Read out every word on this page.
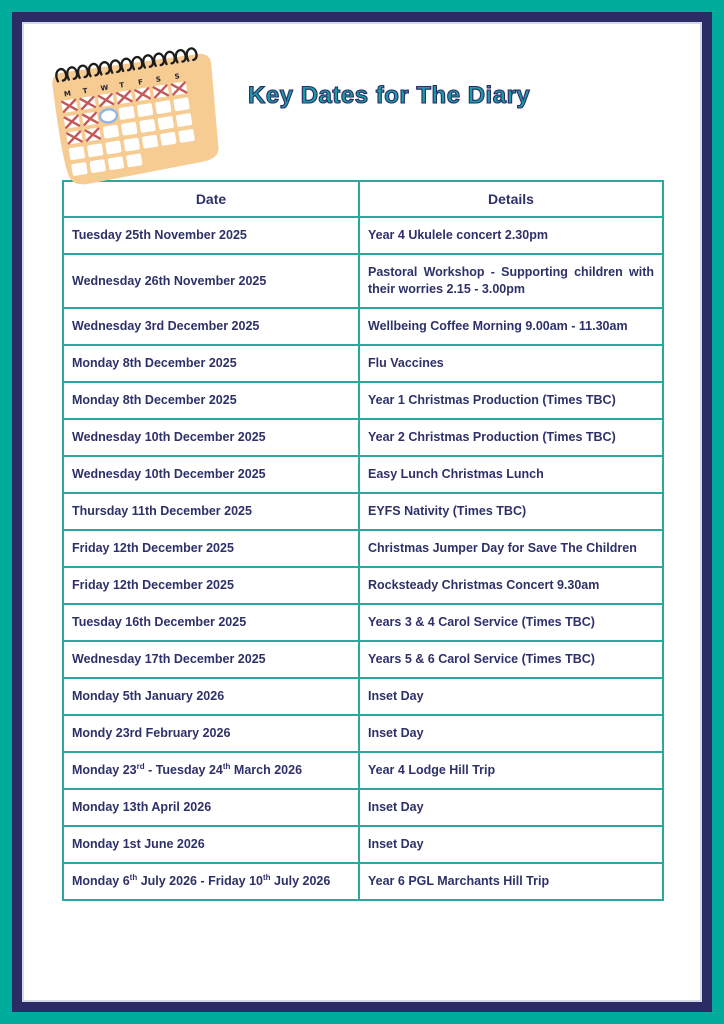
M T W T F S S
Key Dates for The Diary
Date	Details
Tuesday 25th November 2025	Year 4 Ukulele concert 2.30pm
Wednesday 26th November 2025	Pastoral Workshop - Supporting children with their worries 2.15 - 3.00pm
Wednesday 3rd December 2025	Wellbeing Coffee Morning 9.00am - 11.30am
Monday 8th December 2025	Flu Vaccines
Monday 8th December 2025	Year 1 Christmas Production (Times TBC)
Wednesday 10th December 2025	Year 2 Christmas Production (Times TBC)
Wednesday 10th December 2025	Easy Lunch Christmas Lunch
Thursday 11th December 2025	EYFS Nativity (Times TBC)
Friday 12th December 2025	Christmas Jumper Day for Save The Children
Friday 12th December 2025	Rocksteady Christmas Concert 9.30am
Tuesday 16th December 2025	Years 3 & 4 Carol Service (Times TBC)
Wednesday 17th December 2025	Years 5 & 6 Carol Service (Times TBC)
Monday 5th January 2026	Inset Day
Mondy 23rd February 2026	Inset Day
Monday 23rd - Tuesday 24th March 2026	Year 4 Lodge Hill Trip
Monday 13th April 2026	Inset Day
Monday 1st June 2026	Inset Day
Monday 6th July 2026 - Friday 10th July 2026	Year 6 PGL Marchants Hill Trip
